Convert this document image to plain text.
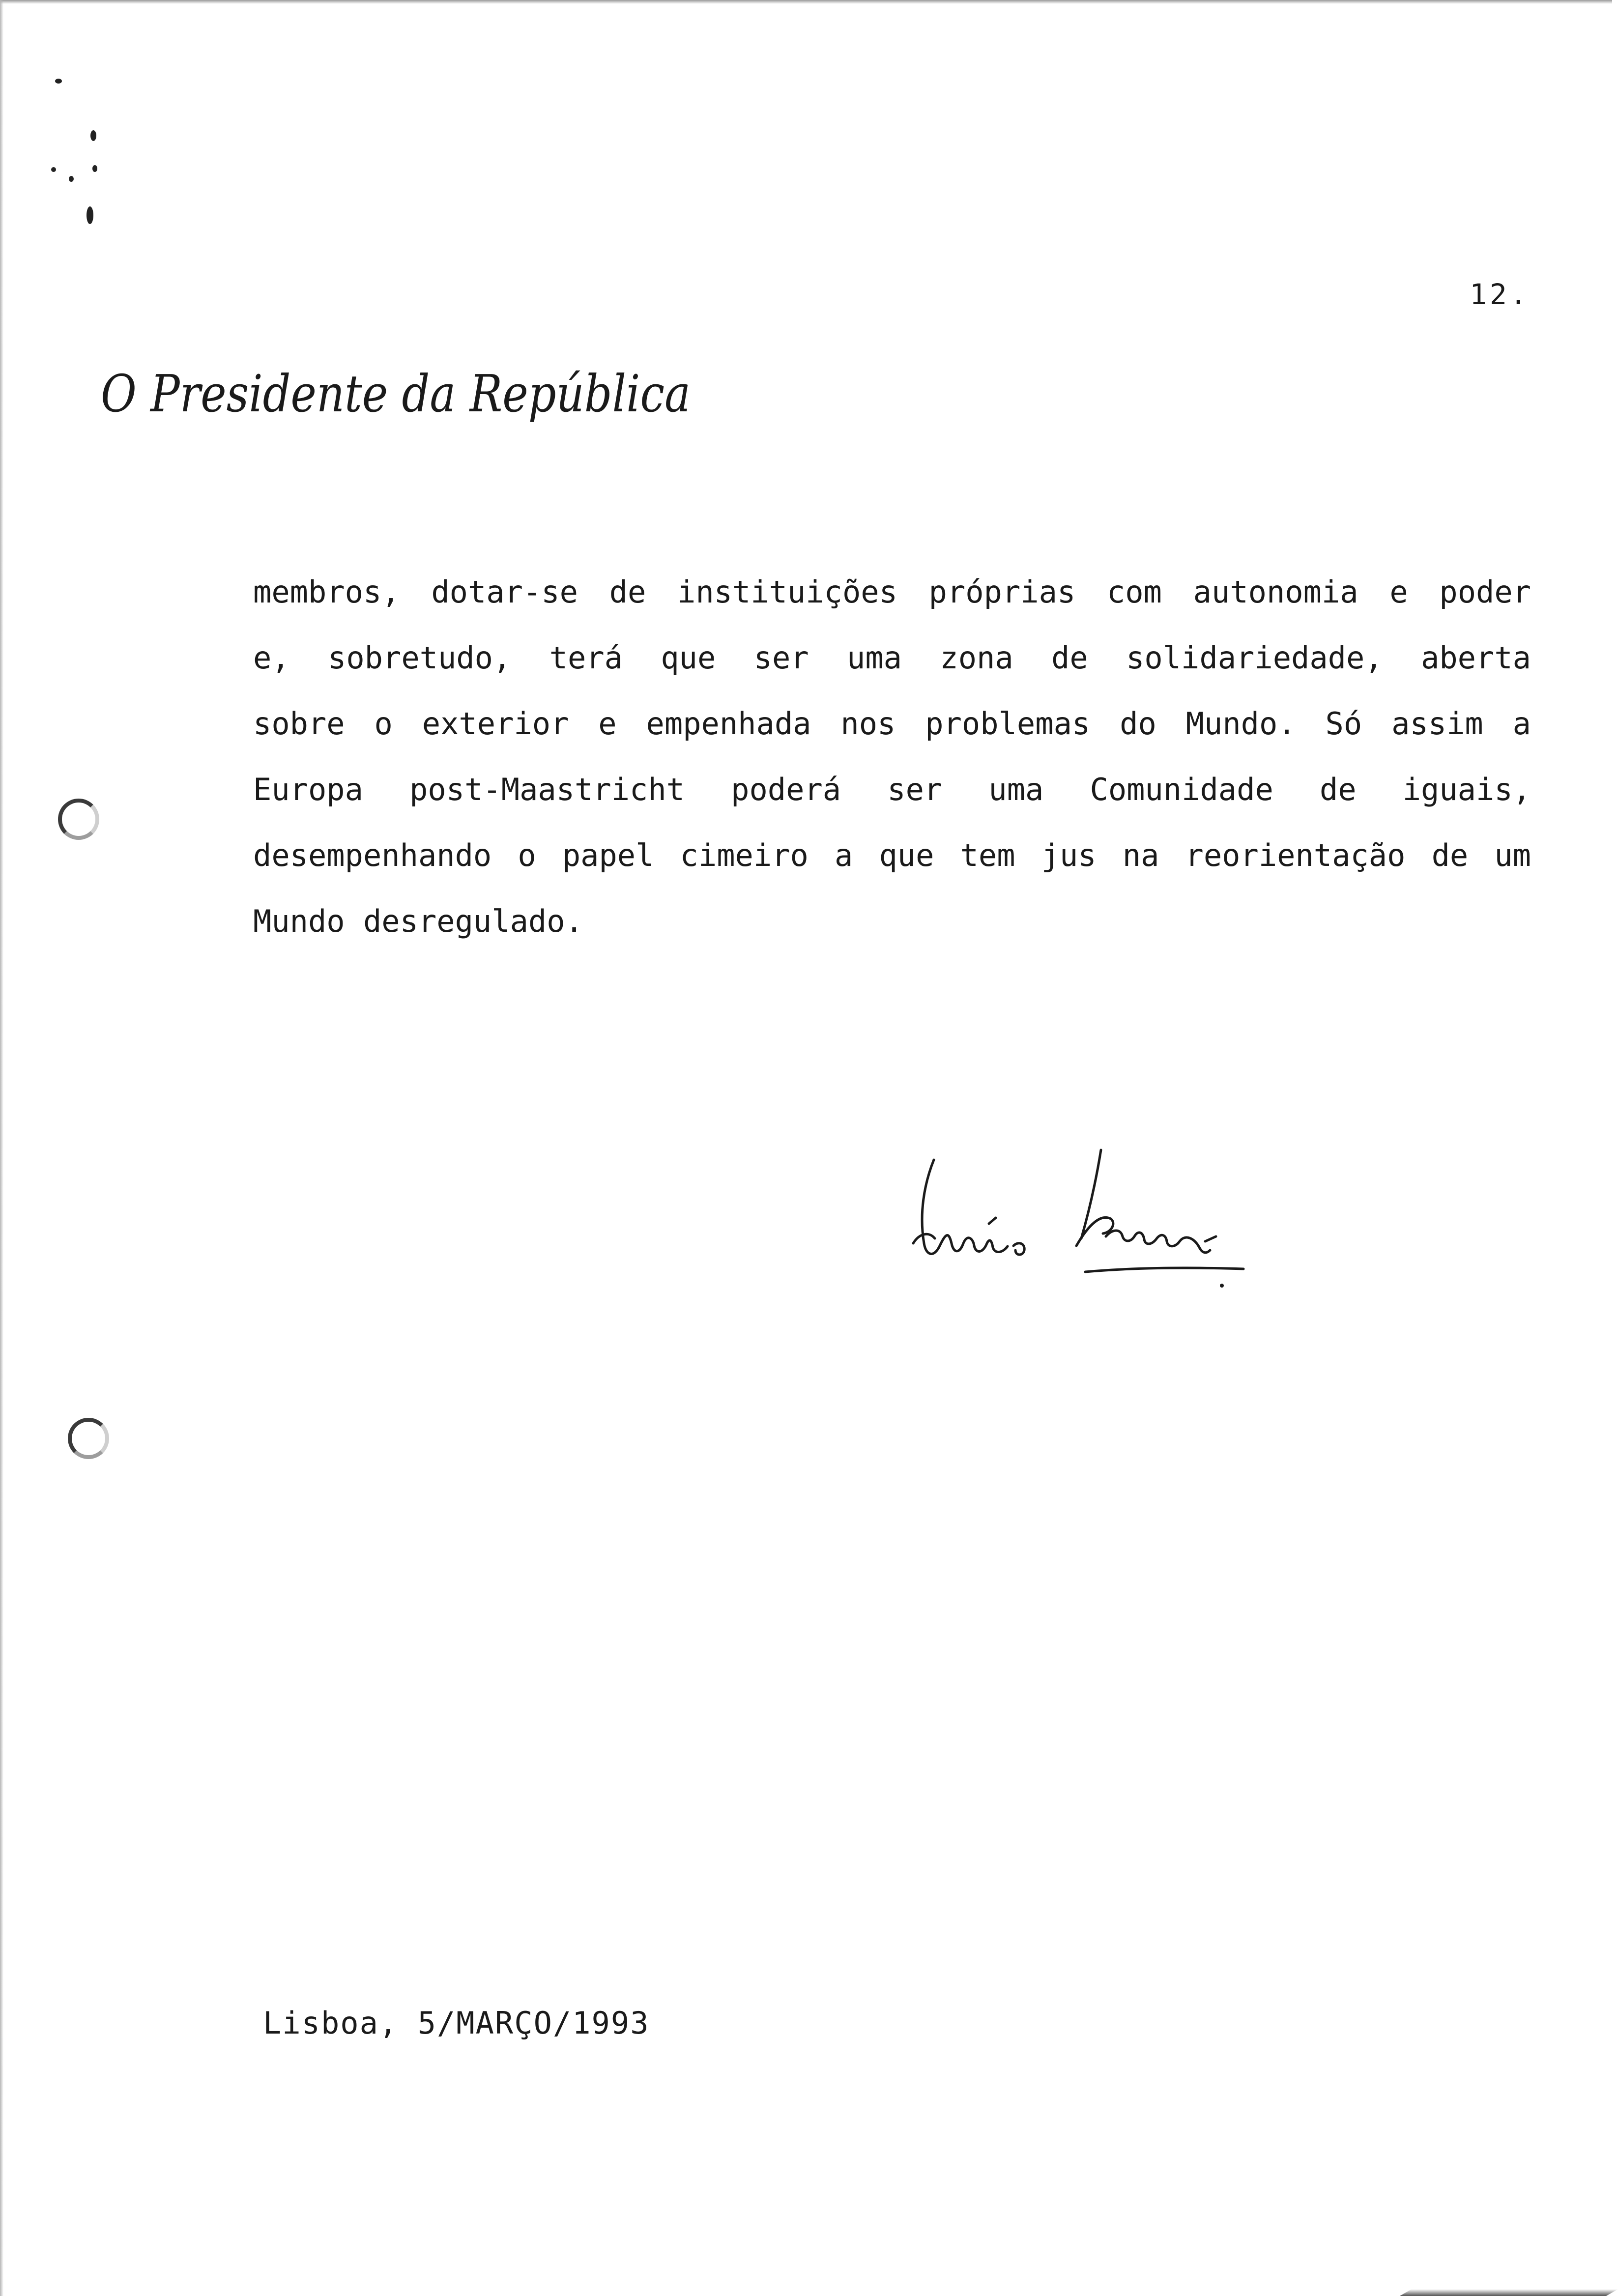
12.
O Presidente da República
membros, dotar-se de instituições próprias com autonomia e poder
e, sobretudo, terá que ser uma zona de solidariedade, aberta
sobre o exterior e empenhada nos problemas do Mundo. Só assim a
Europa post-Maastricht poderá ser uma Comunidade de iguais,
desempenhando o papel cimeiro a que tem jus na reorientação de um
Mundo desregulado.
Lisboa, 5/MARÇO/1993
